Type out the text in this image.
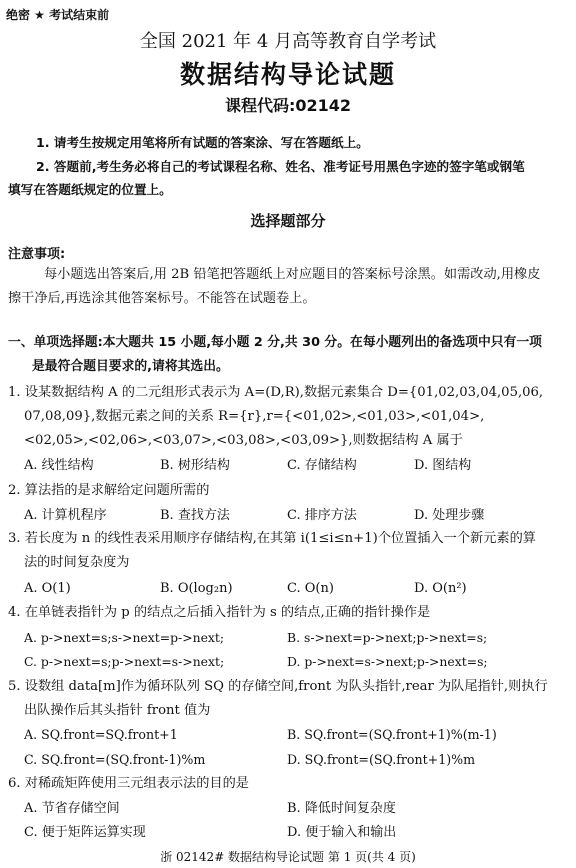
绝密 ★ 考试结束前
全国 2021 年 4 月高等教育自学考试
数据结构导论试题
课程代码:02142
1. 请考生按规定用笔将所有试题的答案涂、写在答题纸上。
2. 答题前,考生务必将自己的考试课程名称、姓名、准考证号用黑色字迹的签字笔或钢笔
填写在答题纸规定的位置上。
选择题部分
注意事项:
每小题选出答案后,用 2B 铅笔把答题纸上对应题目的答案标号涂黑。如需改动,用橡皮
擦干净后,再选涂其他答案标号。不能答在试题卷上。
一、单项选择题:本大题共 15 小题,每小题 2 分,共 30 分。在每小题列出的备选项中只有一项
是最符合题目要求的,请将其选出。
1. 设某数据结构 A 的二元组形式表示为 A=(D,R),数据元素集合 D={01,02,03,04,05,06,
07,08,09},数据元素之间的关系 R={r},r={<01,02>,<01,03>,<01,04>,
<02,05>,<02,06>,<03,07>,<03,08>,<03,09>},则数据结构 A 属于
A. 线性结构	B. 树形结构	C. 存储结构	D. 图结构
2. 算法指的是求解给定问题所需的
A. 计算机程序	B. 查找方法	C. 排序方法	D. 处理步骤
3. 若长度为 n 的线性表采用顺序存储结构,在其第 i(1≤i≤n+1)个位置插入一个新元素的算
法的时间复杂度为
A. O(1)	B. O(log₂n)	C. O(n)	D. O(n²)
4. 在单链表指针为 p 的结点之后插入指针为 s 的结点,正确的指针操作是
A. p->next=s;s->next=p->next;	B. s->next=p->next;p->next=s;
C. p->next=s;p->next=s->next;	D. p->next=s->next;p->next=s;
5. 设数组 data[m]作为循环队列 SQ 的存储空间,front 为队头指针,rear 为队尾指针,则执行
出队操作后其头指针 front 值为
A. SQ.front=SQ.front+1	B. SQ.front=(SQ.front+1)%(m-1)
C. SQ.front=(SQ.front-1)%m	D. SQ.front=(SQ.front+1)%m
6. 对稀疏矩阵使用三元组表示法的目的是
A. 节省存储空间	B. 降低时间复杂度
C. 便于矩阵运算实现	D. 便于输入和输出
浙 02142# 数据结构导论试题 第 1 页(共 4 页)
